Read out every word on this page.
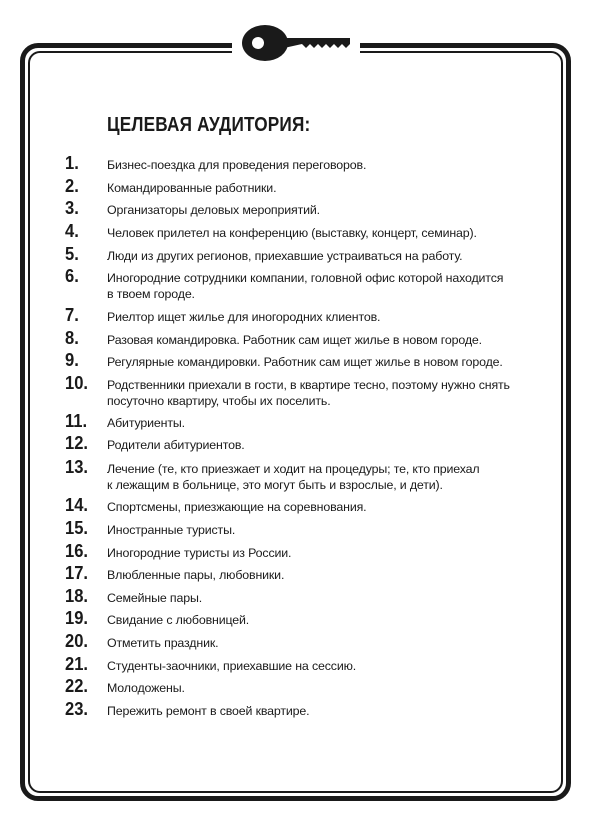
ЦЕЛЕВАЯ АУДИТОРИЯ:
1. Бизнес-поездка для проведения переговоров.
2. Командированные работники.
3. Организаторы деловых мероприятий.
4. Человек прилетел на конференцию (выставку, концерт, семинар).
5. Люди из других регионов, приехавшие устраиваться на работу.
6. Иногородние сотрудники компании, головной офис которой находится
в твоем городе.
7. Риелтор ищет жилье для иногородних клиентов.
8. Разовая командировка. Работник сам ищет жилье в новом городе.
9. Регулярные командировки. Работник сам ищет жилье в новом городе.
10. Родственники приехали в гости, в квартире тесно, поэтому нужно снять
посуточно квартиру, чтобы их поселить.
11. Абитуриенты.
12. Родители абитуриентов.
13. Лечение (те, кто приезжает и ходит на процедуры; те, кто приехал
к лежащим в больнице, это могут быть и взрослые, и дети).
14. Спортсмены, приезжающие на соревнования.
15. Иностранные туристы.
16. Иногородние туристы из России.
17. Влюбленные пары, любовники.
18. Семейные пары.
19. Свидание с любовницей.
20. Отметить праздник.
21. Студенты-заочники, приехавшие на сессию.
22. Молодожены.
23. Пережить ремонт в своей квартире.
